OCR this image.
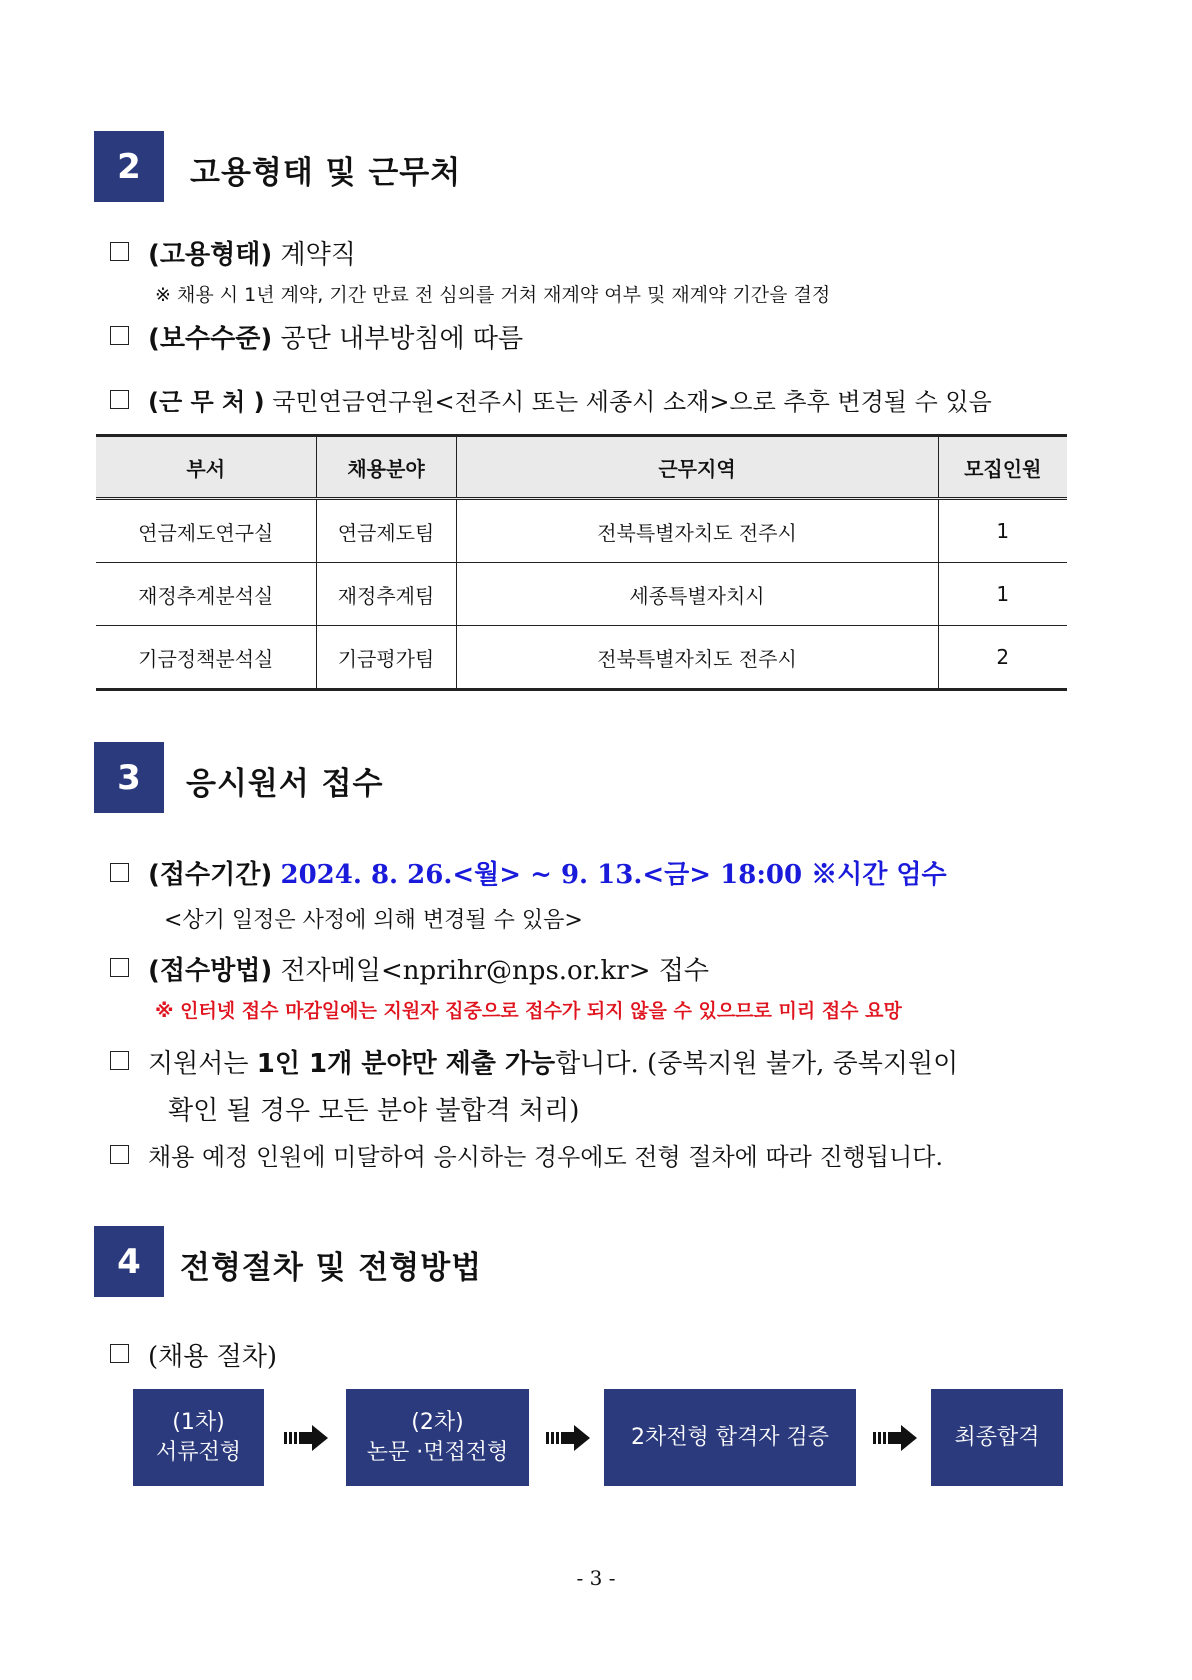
2	고용형태 및 근무처
(고용형태) 계약직
※ 채용 시 1년 계약, 기간 만료 전 심의를 거쳐 재계약 여부 및 재계약 기간을 결정
(보수수준) 공단 내부방침에 따름
(근 무 처 ) 국민연금연구원<전주시 또는 세종시 소재>으로 추후 변경될 수 있음
부서	채용분야	근무지역	모집인원
연금제도연구실	연금제도팀	전북특별자치도 전주시	1
재정추계분석실	재정추계팀	세종특별자치시	1
기금정책분석실	기금평가팀	전북특별자치도 전주시	2
3	응시원서 접수
(접수기간) 2024. 8. 26.<월> ~ 9. 13.<금> 18:00 ※시간 엄수
<상기 일정은 사정에 의해 변경될 수 있음>
(접수방법) 전자메일<nprihr@nps.or.kr> 접수
※ 인터넷 접수 마감일에는 지원자 집중으로 접수가 되지 않을 수 있으므로 미리 접수 요망
지원서는 1인 1개 분야만 제출 가능합니다. (중복지원 불가, 중복지원이
확인 될 경우 모든 분야 불합격 처리)
채용 예정 인원에 미달하여 응시하는 경우에도 전형 절차에 따라 진행됩니다.
4	전형절차 및 전형방법
(채용 절차)
(1차)
서류전형
(2차)
논문 ·면접전형
2차전형 합격자 검증	최종합격
- 3 -
